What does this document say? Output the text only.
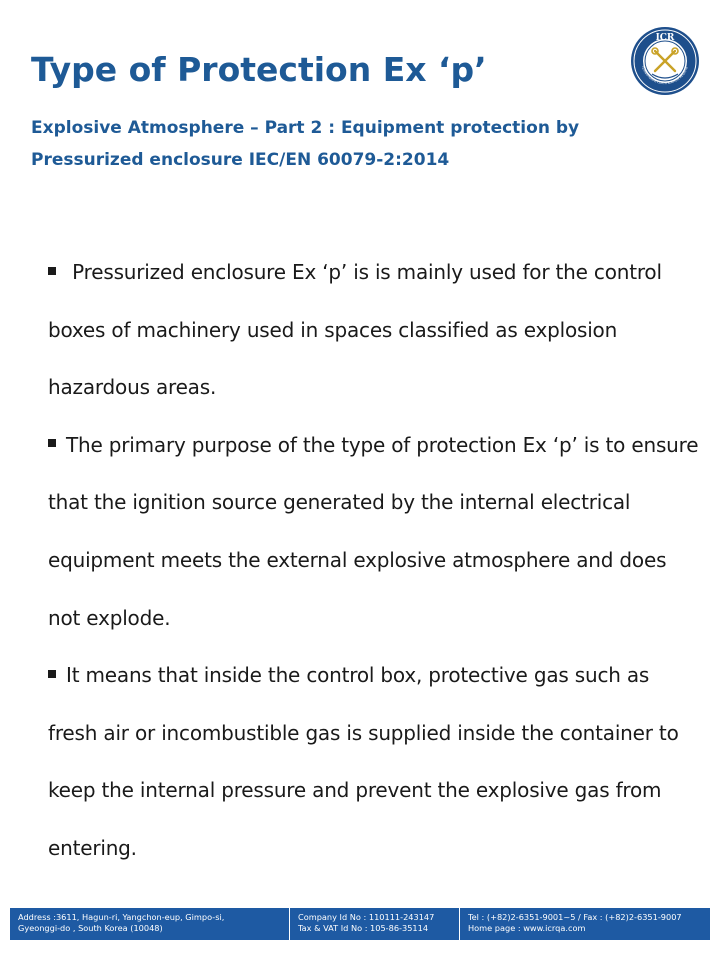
Type of Protection Ex ‘p’
Explosive Atmosphere – Part 2 : Equipment protection by Pressurized enclosure IEC/EN 60079-2:2014
ICR
TERNATIONAL CERTIFICATION REGISTR

Pressurized enclosure Ex ‘p’ is is mainly used for the control boxes of machinery used in spaces classified as explosion hazardous areas.

The primary purpose of the type of protection Ex ‘p’ is to ensure that the ignition source generated by the internal electrical equipment meets the external explosive atmosphere and does not explode.

It means that inside the control box, protective gas such as fresh air or incombustible gas is supplied inside the container to keep the internal pressure and prevent the explosive gas from entering.

Address :3611, Hagun-ri, Yangchon-eup, Gimpo-si,
Gyeonggi-do , South Korea (10048)
Company Id No : 110111-243147
Tax & VAT Id No : 105-86-35114
Tel : (+82)2-6351-9001~5 / Fax : (+82)2-6351-9007
Home page : www.icrqa.com
